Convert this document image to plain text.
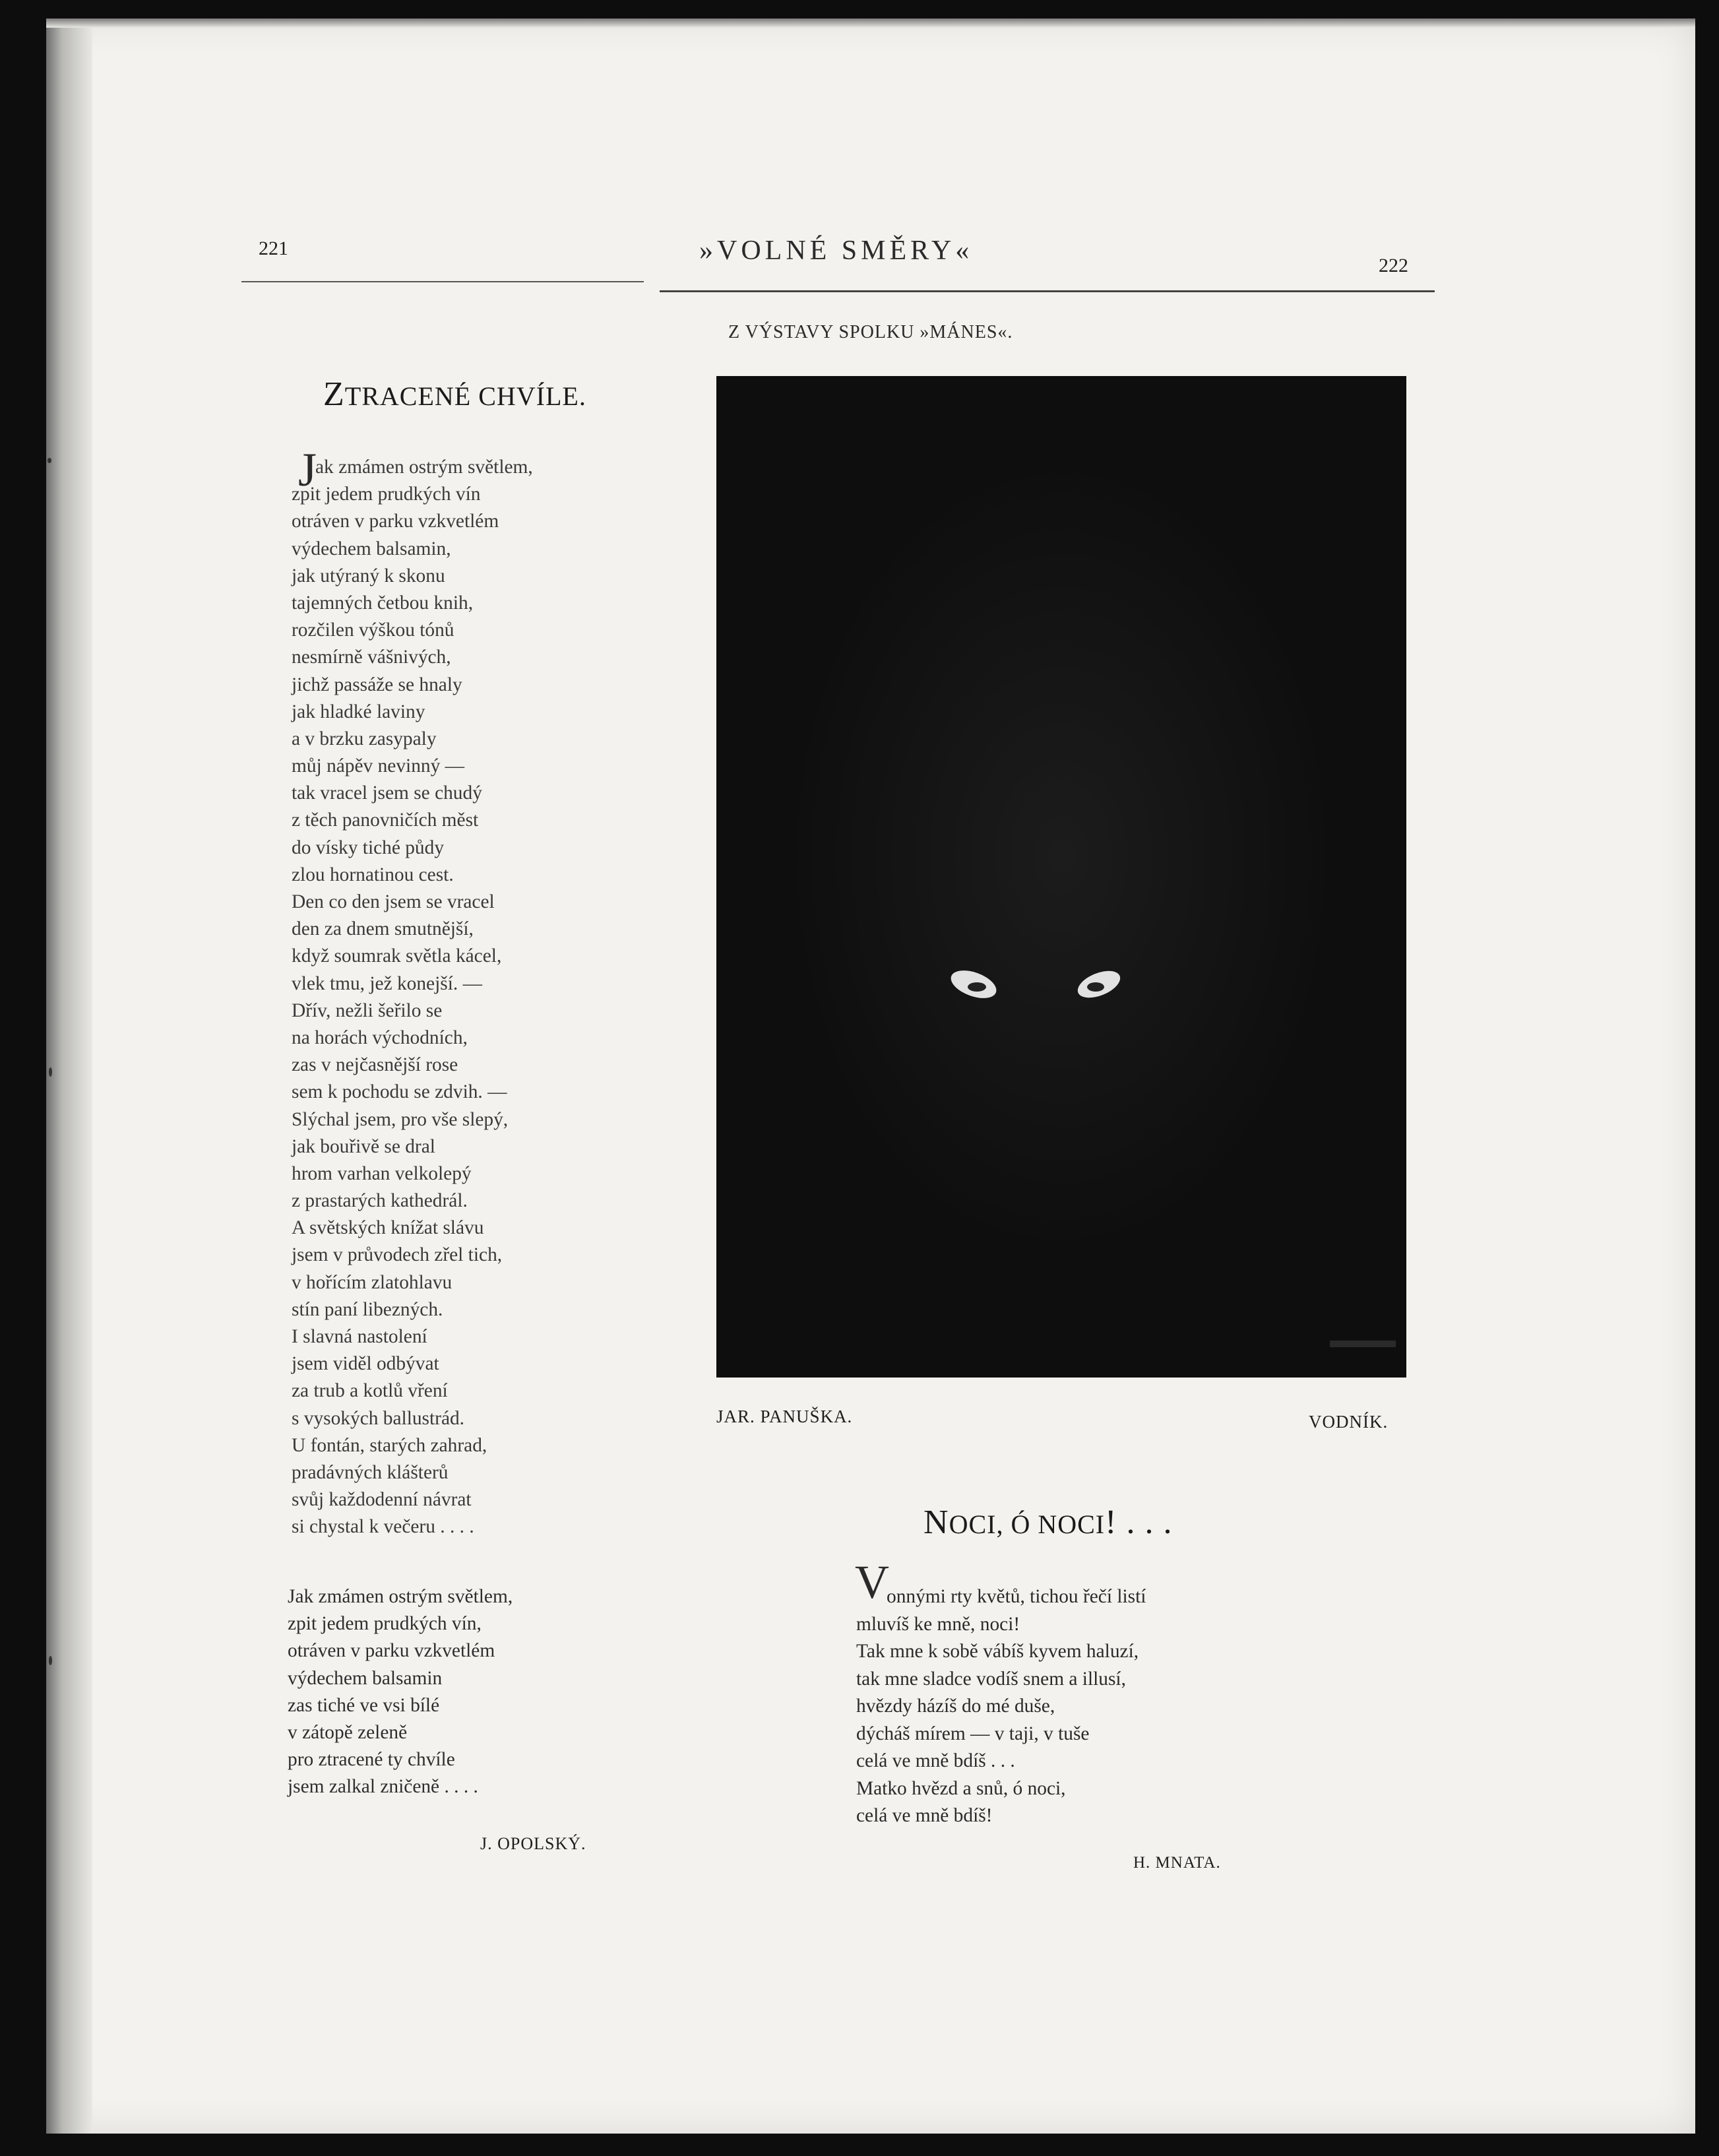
221	»VOLNÉ SMĚRY«	222
ZTRACENÉ CHVÍLE.
J
ak zmámen ostrým světlem,
zpit jedem prudkých vín
otráven v parku vzkvetlém
výdechem balsamin,
jak utýraný k skonu
tajemných četbou knih,
rozčilen výškou tónů
nesmírně vášnivých,
jichž passáže se hnaly
jak hladké laviny
a v brzku zasypaly
můj nápěv nevinný —
tak vracel jsem se chudý
z těch panovničích měst
do vísky tiché půdy
zlou hornatinou cest.
Den co den jsem se vracel
den za dnem smutnější,
když soumrak světla kácel,
vlek tmu, jež konejší. —
Dřív, nežli šeřilo se
na horách východních,
zas v nejčasnější rose
sem k pochodu se zdvih. —
Slýchal jsem, pro vše slepý,
jak bouřivě se dral
hrom varhan velkolepý
z prastarých kathedrál.
A světských knížat slávu
jsem v průvodech zřel tich,
v hořícím zlatohlavu
stín paní libezných.
I slavná nastolení
jsem viděl odbývat
za trub a kotlů vření
s vysokých ballustrád.
U fontán, starých zahrad,
pradávných klášterů
svůj každodenní návrat
si chystal k večeru . . . .
Jak zmámen ostrým světlem,
zpit jedem prudkých vín,
otráven v parku vzkvetlém
výdechem balsamin
zas tiché ve vsi bílé
v zátopě zeleně
pro ztracené ty chvíle
jsem zalkal zničeně . . . .
J. OPOLSKÝ.
Z VÝSTAVY SPOLKU »MÁNES«.
JAR. PANUŠKA.	VODNÍK.
NOCI, Ó NOCI! . . .
V
onnými rty květů, tichou řečí listí
mluvíš ke mně, noci!
Tak mne k sobě vábíš kyvem haluzí,
tak mne sladce vodíš snem a illusí,
hvězdy házíš do mé duše,
dýcháš mírem — v taji, v tuše
celá ve mně bdíš . . .
Matko hvězd a snů, ó noci,
celá ve mně bdíš!
H. MNATA.
